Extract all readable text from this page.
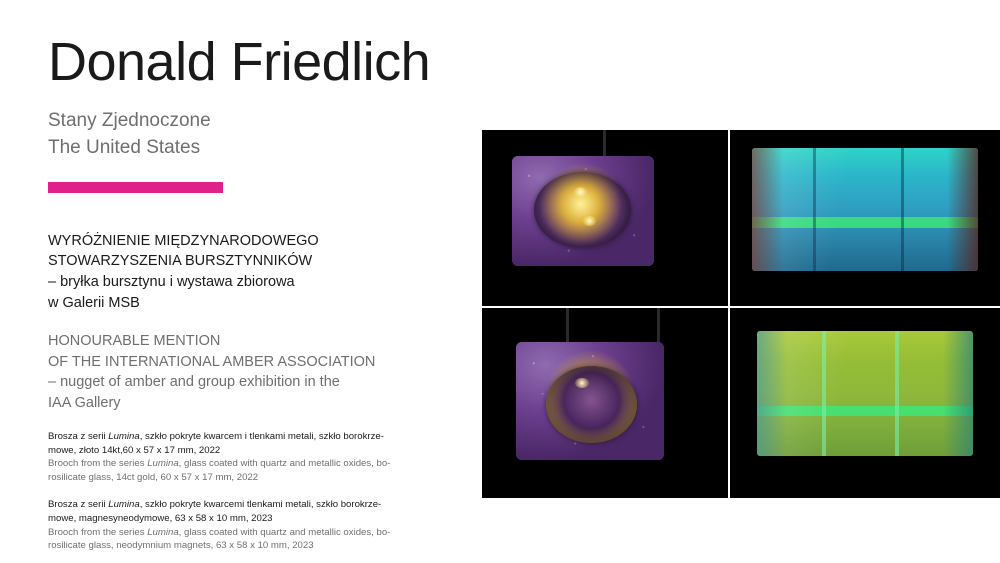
Donald Friedlich
Stany Zjednoczone
The United States
WYRÓŻNIENIE MIĘDZYNARODOWEGO
STOWARZYSZENIA BURSZTYNNIKÓW
– bryłka bursztynu i wystawa zbiorowa
w Galerii MSB
HONOURABLE MENTION
OF THE INTERNATIONAL AMBER ASSOCIATION
– nugget of amber and group exhibition in the
IAA Gallery
Brosza z serii Lumina, szkło pokryte kwarcem i tlenkami metali, szkło borokrze-
mowe, złoto 14kt,60 x 57 x 17 mm, 2022
Brooch from the series Lumina, glass coated with quartz and metallic oxides, bo-
rosilicate glass, 14ct gold, 60 x 57 x 17 mm, 2022
Brosza z serii Lumina, szkło pokryte kwarcemi tlenkami metali, szkło borokrze-
mowe, magnesyneodymowe, 63 x 58 x 10 mm, 2023
Brooch from the series Lumina, glass coated with quartz and metallic oxides, bo-
rosilicate glass, neodymnium magnets, 63 x 58 x 10 mm, 2023
